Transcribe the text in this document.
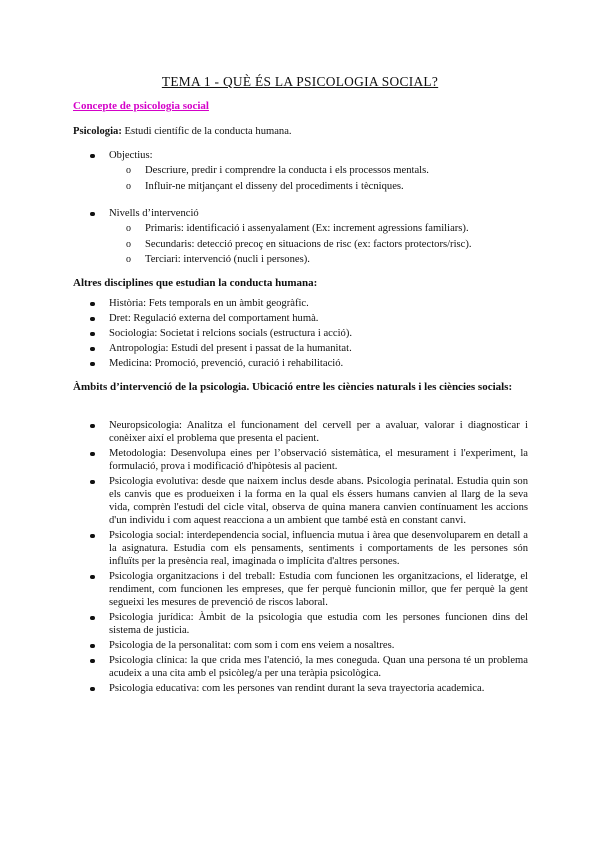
TEMA 1 - QUÈ ÉS LA PSICOLOGIA SOCIAL?
Concepte de psicologia social
Psicologia: Estudi científic de la conducta humana.
Objectius:
o Descriure, predir i comprendre la conducta i els processos mentals.
o Influir-ne mitjançant el disseny del procediments i tècniques.
Nivells d’intervenció
o Primaris: identificació i assenyalament (Ex: increment agressions familiars).
o Secundaris: detecció precoç en situacions de risc (ex: factors protectors/risc).
o Terciari: intervenció (nucli i persones).
Altres disciplines que estudian la conducta humana:
Història: Fets temporals en un àmbit geogràfic.
Dret: Regulació externa del comportament humà.
Sociologia: Societat i relcions socials (estructura i acció).
Antropologia: Estudi del present i passat de la humanitat.
Medicina: Promoció, prevenció, curació i rehabilitació.
Àmbits d’intervenció de la psicologia. Ubicació entre les ciències naturals i les ciències socials:
Neuropsicologia: Analitza el funcionament del cervell per a avaluar, valorar i diagnosticar i conèixer així el problema que presenta el pacient.
Metodologia: Desenvolupa eines per l’observació sistemàtica, el mesurament i l'experiment, la formulació, prova i modificació d'hipòtesis al pacient.
Psicologia evolutiva: desde que naixem inclus desde abans. Psicologia perinatal. Estudia quin son els canvis que es produeixen i la forma en la qual els éssers humans canvien al llarg de la seva vida, comprèn l'estudi del cicle vital, observa de quina manera canvien contínuament les accions d'un individu i com aquest reacciona a un ambient que també està en constant canvi.
Psicologia social: interdependencia social, influencia mutua i àrea que desenvoluparem en detall a la asignatura. Estudia com els pensaments, sentiments i comportaments de les persones són influïts per la presència real, imaginada o implícita d'altres persones.
Psicologia organitzacions i del treball: Estudia com funcionen les organitzacions, el lideratge, el rendiment, com funcionen les empreses, que fer perquè funcionin millor, que fer perquè la gent segueixi les mesures de prevenció de riscos laboral.
Psicologia jurídica: Àmbit de la psicologia que estudia com les persones funcionen dins del sistema de justicia.
Psicologia de la personalitat: com som i com ens veiem a nosaltres.
Psicologia clínica: la que crida mes l'atenció, la mes coneguda. Quan una persona té un problema acudeix a una cita amb el psicòleg/a per una teràpia psicològica.
Psicologia educativa: com les persones van rendint durant la seva trayectoria academica.
